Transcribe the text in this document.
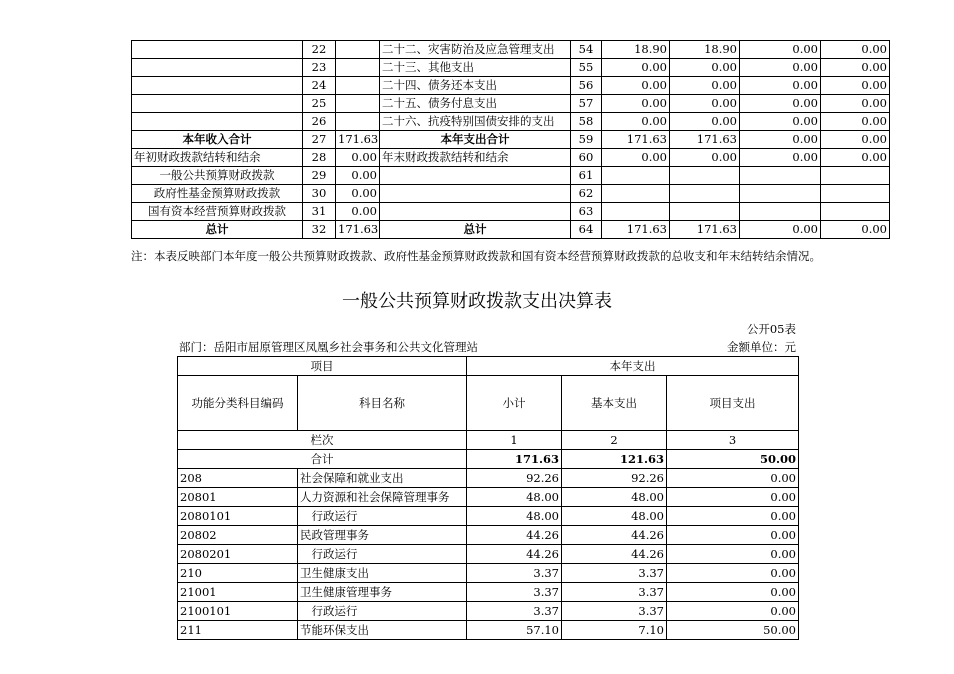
	22		二十二、灾害防治及应急管理支出	54	18.90	18.90	0.00	0.00
	23		二十三、其他支出	55	0.00	0.00	0.00	0.00
	24		二十四、债务还本支出	56	0.00	0.00	0.00	0.00
	25		二十五、债务付息支出	57	0.00	0.00	0.00	0.00
	26		二十六、抗疫特别国债安排的支出	58	0.00	0.00	0.00	0.00
本年收入合计	27	171.63	本年支出合计	59	171.63	171.63	0.00	0.00
年初财政拨款结转和结余	28	0.00	年末财政拨款结转和结余	60	0.00	0.00	0.00	0.00
一般公共预算财政拨款	29	0.00		61				
政府性基金预算财政拨款	30	0.00		62				
国有资本经营预算财政拨款	31	0.00		63				
总计	32	171.63	总计	64	171.63	171.63	0.00	0.00
注：本表反映部门本年度一般公共预算财政拨款、政府性基金预算财政拨款和国有资本经营预算财政拨款的总收支和年末结转结余情况。
一般公共预算财政拨款支出决算表
公开05表
部门：岳阳市屈原管理区凤凰乡社会事务和公共文化管理站	金额单位：元
项目		本年支出		
功能分类科目编码	科目名称	小计	基本支出	项目支出
栏次		1	2	3
合计		171.63	121.63	50.00
208	社会保障和就业支出	92.26	92.26	0.00
20801	人力资源和社会保障管理事务	48.00	48.00	0.00
2080101	　行政运行	48.00	48.00	0.00
20802	民政管理事务	44.26	44.26	0.00
2080201	　行政运行	44.26	44.26	0.00
210	卫生健康支出	3.37	3.37	0.00
21001	卫生健康管理事务	3.37	3.37	0.00
2100101	　行政运行	3.37	3.37	0.00
211	节能环保支出	57.10	7.10	50.00
